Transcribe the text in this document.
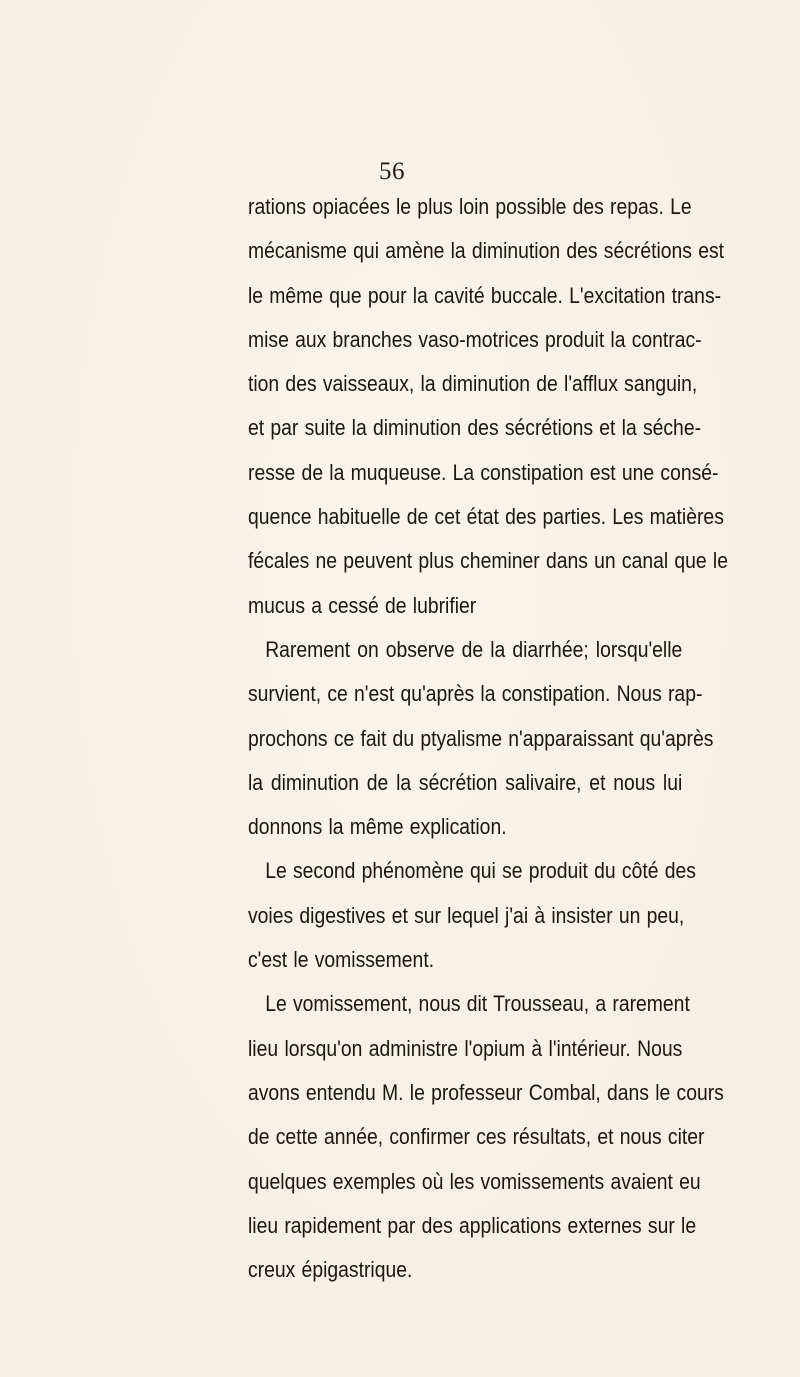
56
rations opiacées le plus loin possible des repas. Le
mécanisme qui amène la diminution des sécrétions est
le même que pour la cavité buccale. L'excitation trans-
mise aux branches vaso-motrices produit la contrac-
tion des vaisseaux, la diminution de l'afflux sanguin,
et par suite la diminution des sécrétions et la séche-
resse de la muqueuse. La constipation est une consé-
quence habituelle de cet état des parties. Les matières
fécales ne peuvent plus cheminer dans un canal que le
mucus a cessé de lubrifier
Rarement on observe de la diarrhée; lorsqu'elle
survient, ce n'est qu'après la constipation. Nous rap-
prochons ce fait du ptyalisme n'apparaissant qu'après
la diminution de la sécrétion salivaire, et nous lui
donnons la même explication.
Le second phénomène qui se produit du côté des
voies digestives et sur lequel j'ai à insister un peu,
c'est le vomissement.
Le vomissement, nous dit Trousseau, a rarement
lieu lorsqu'on administre l'opium à l'intérieur. Nous
avons entendu M. le professeur Combal, dans le cours
de cette année, confirmer ces résultats, et nous citer
quelques exemples où les vomissements avaient eu
lieu rapidement par des applications externes sur le
creux épigastrique.
